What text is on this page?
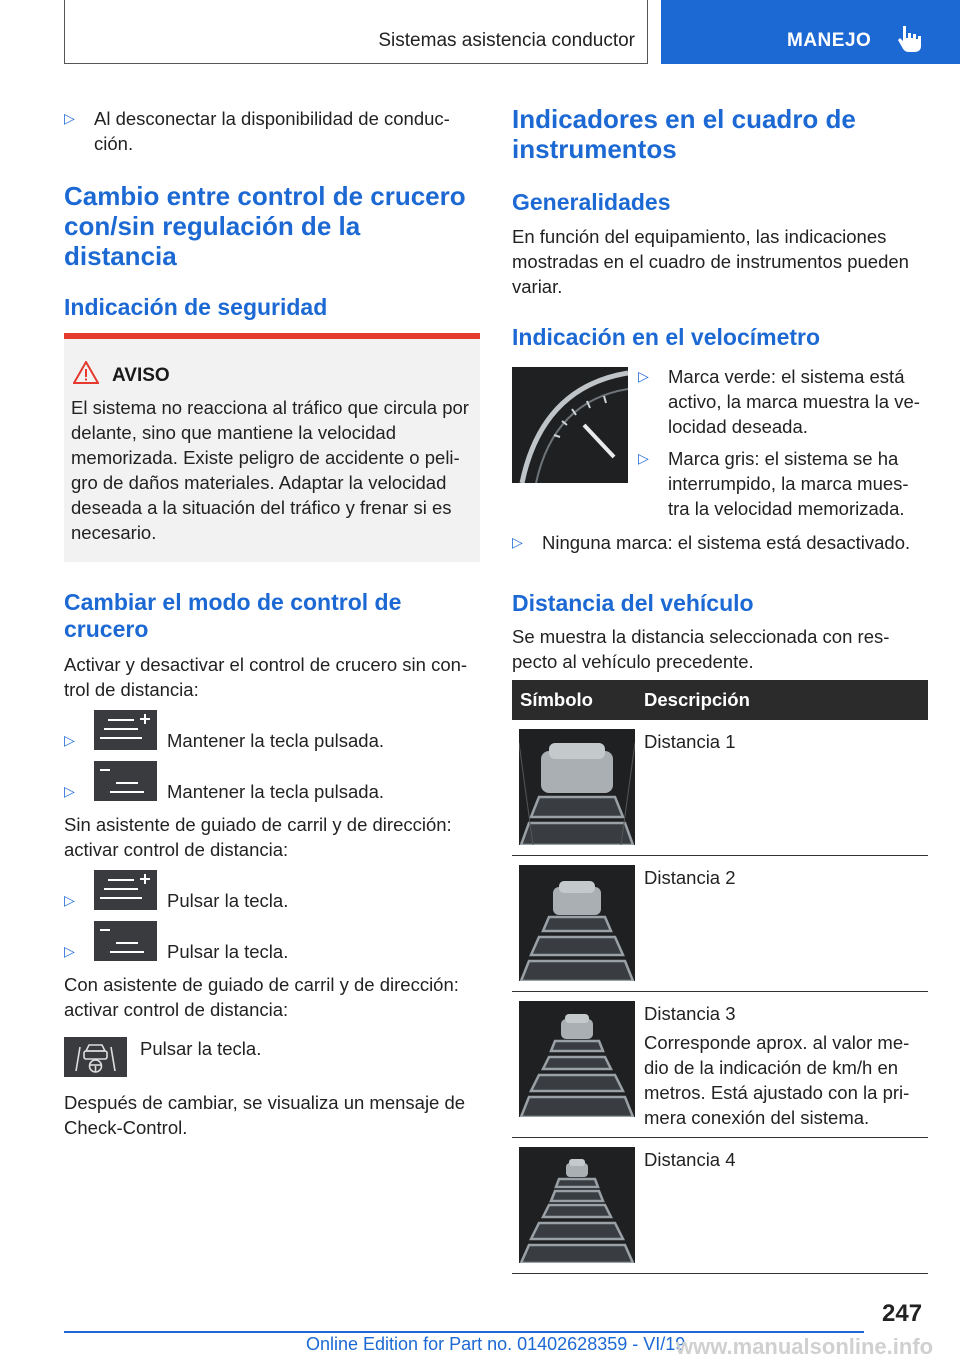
Sistemas asistencia conductor	MANEJO
▷ Al desconectar la disponibilidad de conduc-
ción.
Cambio entre control de crucero con/sin regulación de la distancia
Indicación de seguridad
AVISO
El sistema no reacciona al tráfico que circula por delante, sino que mantiene la velocidad memorizada. Existe peligro de accidente o peli-gro de daños materiales. Adaptar la velocidad deseada a la situación del tráfico y frenar si es necesario.
Cambiar el modo de control de crucero
Activar y desactivar el control de crucero sin con-trol de distancia:
▷	Mantener la tecla pulsada.
▷	Mantener la tecla pulsada.
Sin asistente de guiado de carril y de dirección: activar control de distancia:
▷	Pulsar la tecla.
▷	Pulsar la tecla.
Con asistente de guiado de carril y de dirección: activar control de distancia:
Pulsar la tecla.
Después de cambiar, se visualiza un mensaje de Check-Control.
Indicadores en el cuadro de instrumentos
Generalidades
En función del equipamiento, las indicaciones mostradas en el cuadro de instrumentos pueden variar.
Indicación en el velocímetro
▷ Marca verde: el sistema está activo, la marca muestra la ve-locidad deseada.
▷ Marca gris: el sistema se ha interrumpido, la marca mues-tra la velocidad memorizada.
▷ Ninguna marca: el sistema está desactivado.
Distancia del vehículo
Se muestra la distancia seleccionada con res-pecto al vehículo precedente.
Símbolo	Descripción
Distancia 1
Distancia 2
Distancia 3
Corresponde aprox. al valor me-dio de la indicación de km/h en metros. Está ajustado con la pri-mera conexión del sistema.
Distancia 4
247
Online Edition for Part no. 01402628359 - VI/19
www.manualsonline.info
